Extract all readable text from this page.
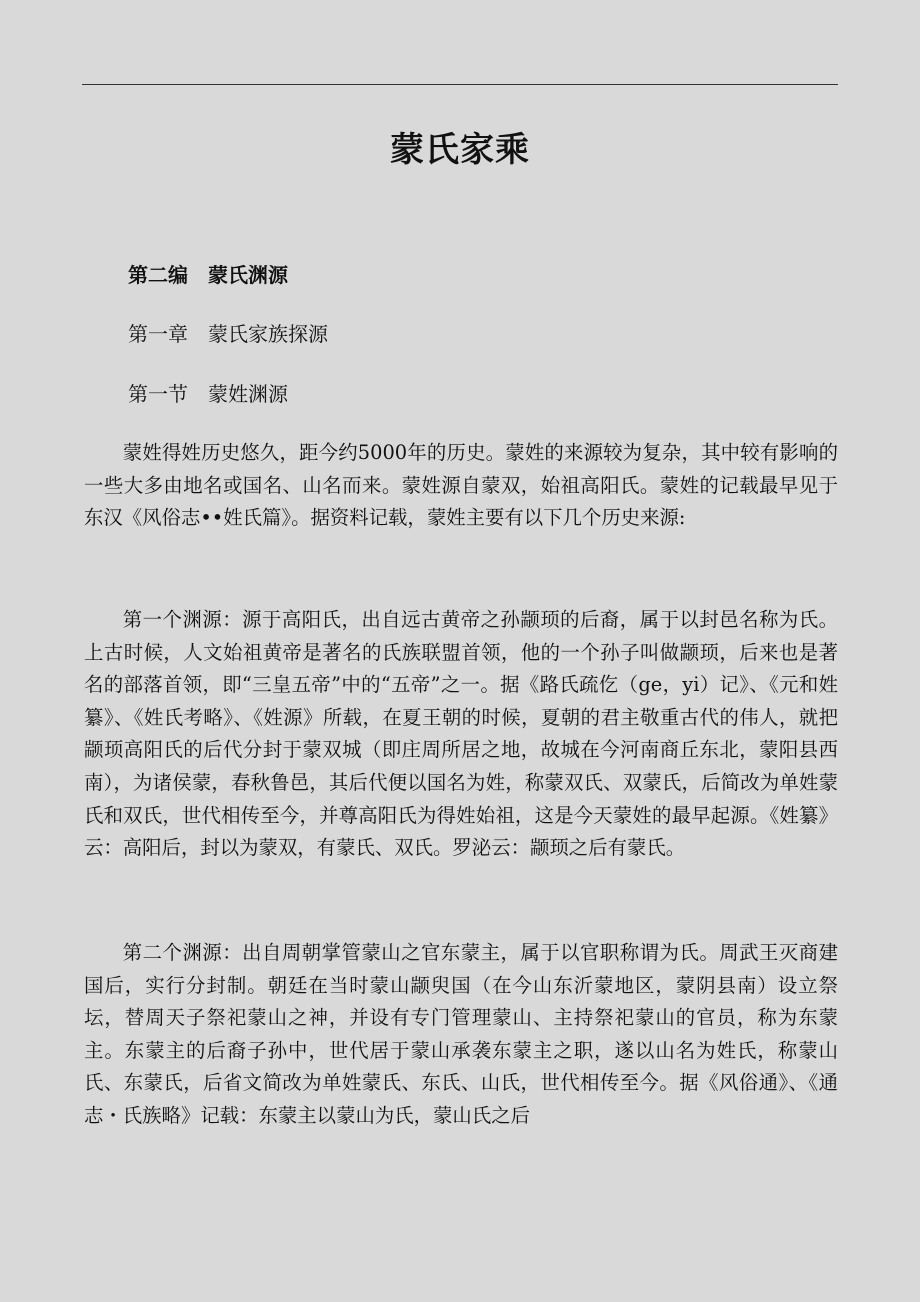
蒙氏家乘

第二编　蒙氏渊源

第一章　蒙氏家族探源

第一节　蒙姓渊源

蒙姓得姓历史悠久，距今约5000年的历史。蒙姓的来源较为复杂，其中较有影响的一些大多由地名或国名、山名而来。蒙姓源自蒙双，始祖高阳氏。蒙姓的记载最早见于东汉《风俗志••姓氏篇》。据资料记载，蒙姓主要有以下几个历史来源:

第一个渊源：源于高阳氏，出自远古黄帝之孙颛顼的后裔，属于以封邑名称为氏。上古时候，人文始祖黄帝是著名的氏族联盟首领，他的一个孙子叫做颛顼，后来也是著名的部落首领，即“三皇五帝”中的“五帝”之一。据《路氏疏仡（ge，yi）记》、《元和姓纂》、《姓氏考略》、《姓源》所载，在夏王朝的时候，夏朝的君主敬重古代的伟人，就把颛顼高阳氏的后代分封于蒙双城（即庄周所居之地，故城在今河南商丘东北，蒙阳县西南），为诸侯蒙，春秋鲁邑，其后代便以国名为姓，称蒙双氏、双蒙氏，后简改为单姓蒙氏和双氏，世代相传至今，并尊高阳氏为得姓始祖，这是今天蒙姓的最早起源。《姓纂》云：高阳后，封以为蒙双，有蒙氏、双氏。罗泌云：颛顼之后有蒙氏。

第二个渊源：出自周朝掌管蒙山之官东蒙主，属于以官职称谓为氏。周武王灭商建国后，实行分封制。朝廷在当时蒙山颛臾国（在今山东沂蒙地区，蒙阴县南）设立祭坛，替周天子祭祀蒙山之神，并设有专门管理蒙山、主持祭祀蒙山的官员，称为东蒙主。东蒙主的后裔子孙中，世代居于蒙山承袭东蒙主之职，遂以山名为姓氏，称蒙山氏、东蒙氏，后省文简改为单姓蒙氏、东氏、山氏，世代相传至今。据《风俗通》、《通志・氏族略》记载：东蒙主以蒙山为氏，蒙山氏之后
